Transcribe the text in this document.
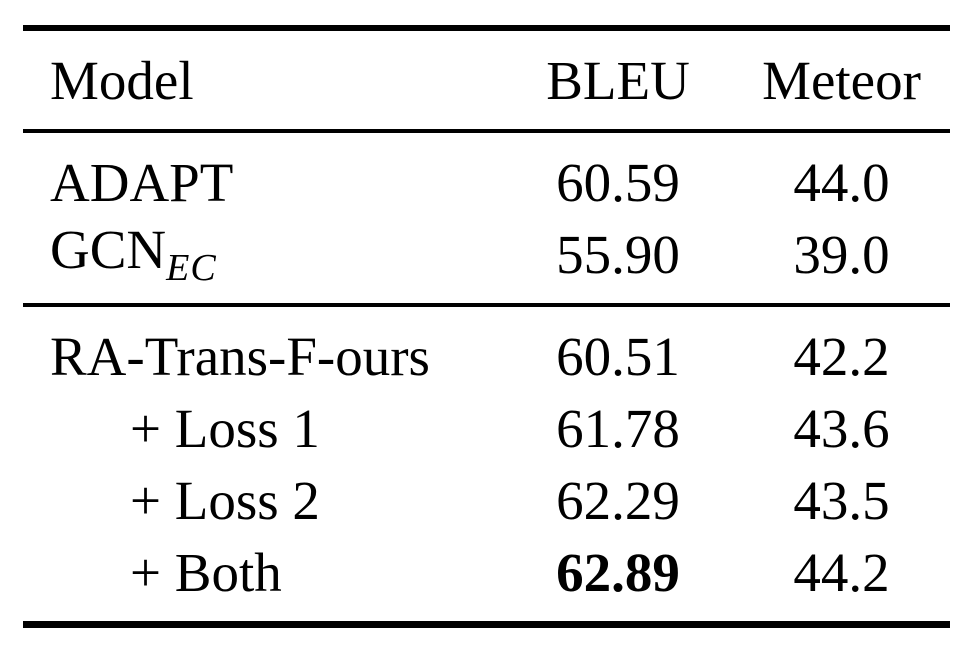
Model	BLEU	Meteor
ADAPT	60.59	44.0
$GCN_{EC}$	55.90	39.0
RA-Trans-F-ours	60.51	42.2
+ Loss 1	61.78	43.6
+ Loss 2	62.29	43.5
+ Both	62.89	44.2
